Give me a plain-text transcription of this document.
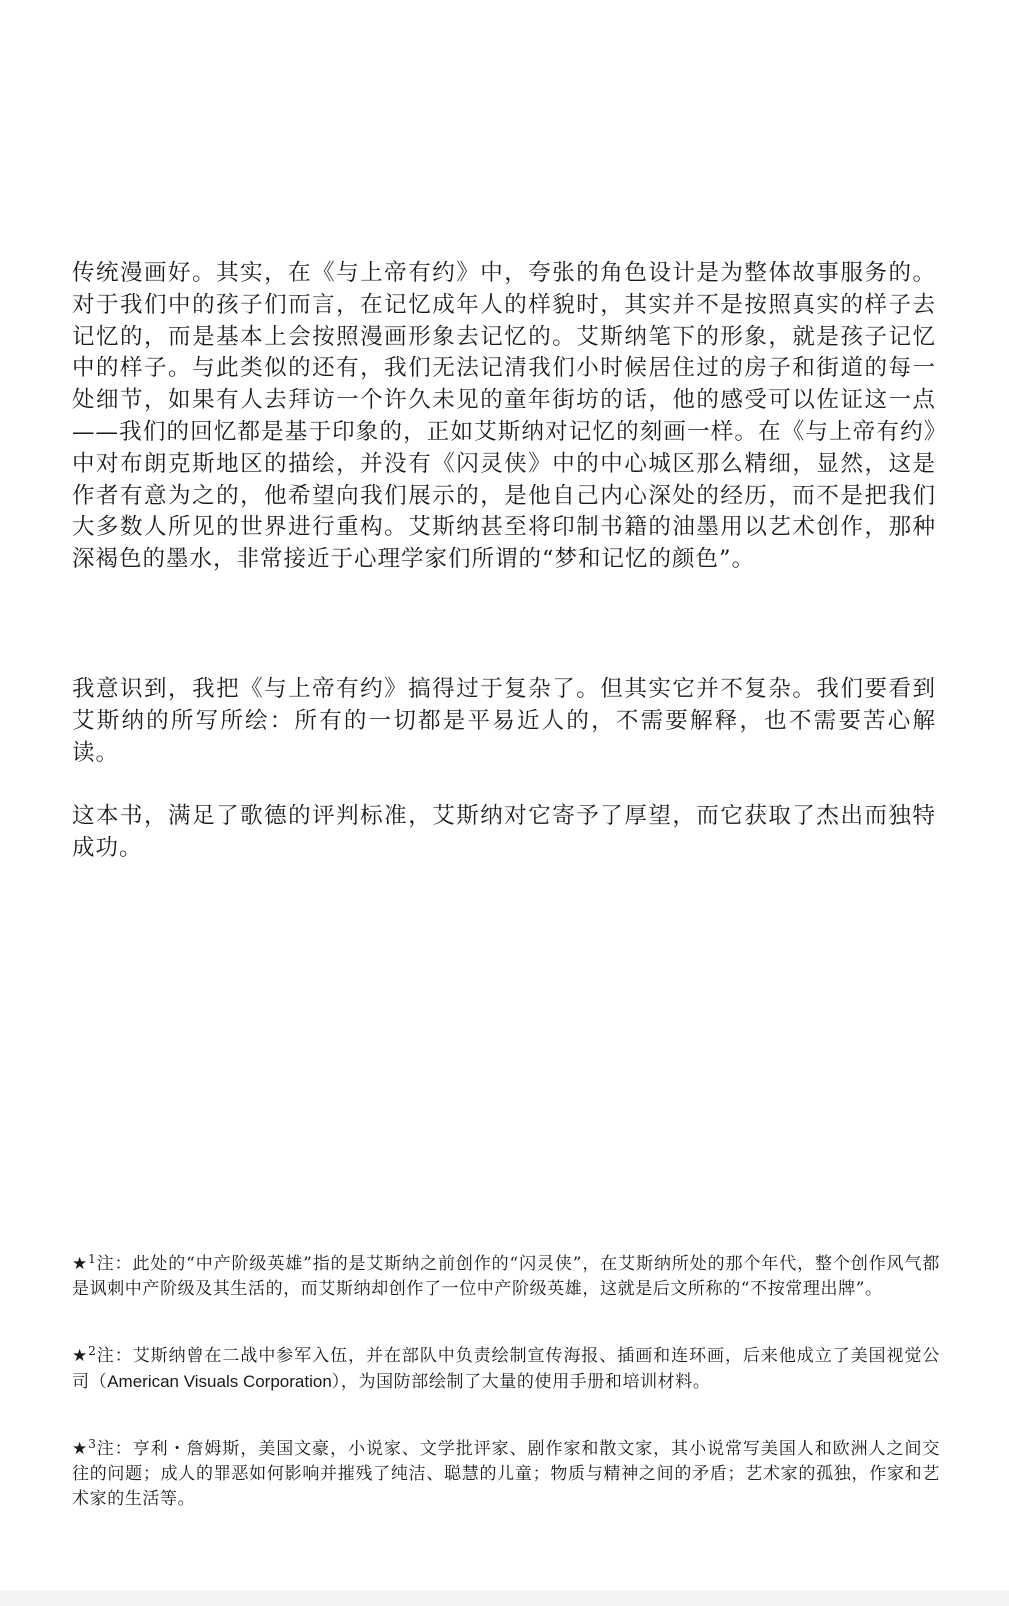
传统漫画好。其实，在《与上帝有约》中，夸张的角色设计是为整体故事服务的。对于我们中的孩子们而言，在记忆成年人的样貌时，其实并不是按照真实的样子去记忆的，而是基本上会按照漫画形象去记忆的。艾斯纳笔下的形象，就是孩子记忆中的样子。与此类似的还有，我们无法记清我们小时候居住过的房子和街道的每一处细节，如果有人去拜访一个许久未见的童年街坊的话，他的感受可以佐证这一点——我们的回忆都是基于印象的，正如艾斯纳对记忆的刻画一样。在《与上帝有约》中对布朗克斯地区的描绘，并没有《闪灵侠》中的中心城区那么精细，显然，这是作者有意为之的，他希望向我们展示的，是他自己内心深处的经历，而不是把我们大多数人所见的世界进行重构。艾斯纳甚至将印制书籍的油墨用以艺术创作，那种深褐色的墨水，非常接近于心理学家们所谓的“梦和记忆的颜色”。

我意识到，我把《与上帝有约》搞得过于复杂了。但其实它并不复杂。我们要看到艾斯纳的所写所绘：所有的一切都是平易近人的，不需要解释，也不需要苦心解读。

这本书，满足了歌德的评判标准，艾斯纳对它寄予了厚望，而它获取了杰出而独特成功。

★$^1$注：此处的“中产阶级英雄”指的是艾斯纳之前创作的“闪灵侠”，在艾斯纳所处的那个年代，整个创作风气都是讽刺中产阶级及其生活的，而艾斯纳却创作了一位中产阶级英雄，这就是后文所称的“不按常理出牌”。

★$^2$注：艾斯纳曾在二战中参军入伍，并在部队中负责绘制宣传海报、插画和连环画，后来他成立了美国视觉公司（American Visuals Corporation），为国防部绘制了大量的使用手册和培训材料。

★$^3$注：亨利・詹姆斯，美国文豪，小说家、文学批评家、剧作家和散文家，其小说常写美国人和欧洲人之间交往的问题；成人的罪恶如何影响并摧残了纯洁、聪慧的儿童；物质与精神之间的矛盾；艺术家的孤独，作家和艺术家的生活等。
